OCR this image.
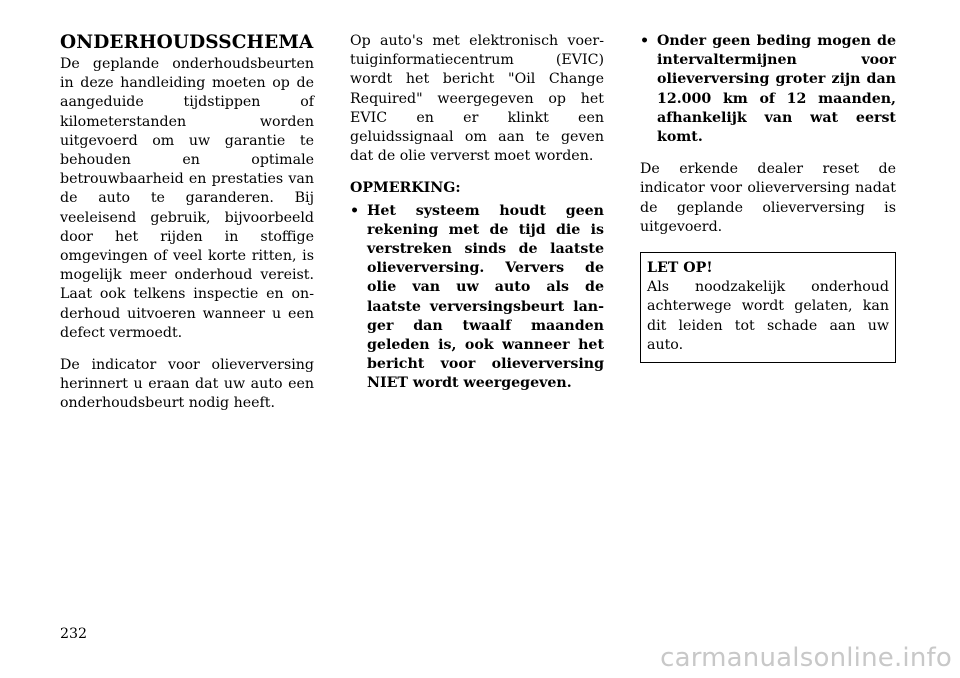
ONDERHOUDSSCHEMA

De geplande onderhoudsbeurten in deze handleiding moeten op de aangeduide tijdstippen of kilometerstanden worden uitgevoerd om uw garantie te behouden en optimale betrouwbaarheid en prestaties van de auto te garanderen. Bij veeleisend gebruik, bijvoorbeeld door het rijden in stoffige omgevingen of veel korte ritten, is mogelijk meer onderhoud vereist. Laat ook telkens inspectie en onderhoud uitvoeren wanneer u een defect vermoedt.

De indicator voor olieverversing herinnert u eraan dat uw auto een onderhoudsbeurt nodig heeft.

Op auto's met elektronisch voertuiginformatiecentrum (EVIC) wordt het bericht "Oil Change Required" weergegeven op het EVIC en er klinkt een geluidssignaal om aan te geven dat de olie ververst moet worden.

OPMERKING:

• Het systeem houdt geen rekening met de tijd die is verstreken sinds de laatste olieverversing. Ververs de olie van uw auto als de laatste verversingsbeurt langer dan twaalf maanden geleden is, ook wanneer het bericht voor olieverversing NIET wordt weergegeven.
• Onder geen beding mogen de intervaltermijnen voor olieverversing groter zijn dan 12.000 km of 12 maanden, afhankelijk van wat eerst komt.

De erkende dealer reset de indicator voor olieverversing nadat de geplande olieverversing is uitgevoerd.

LET OP!

Als noodzakelijk onderhoud achterwege wordt gelaten, kan dit leiden tot schade aan uw auto.

232
carmanualsonline.info
